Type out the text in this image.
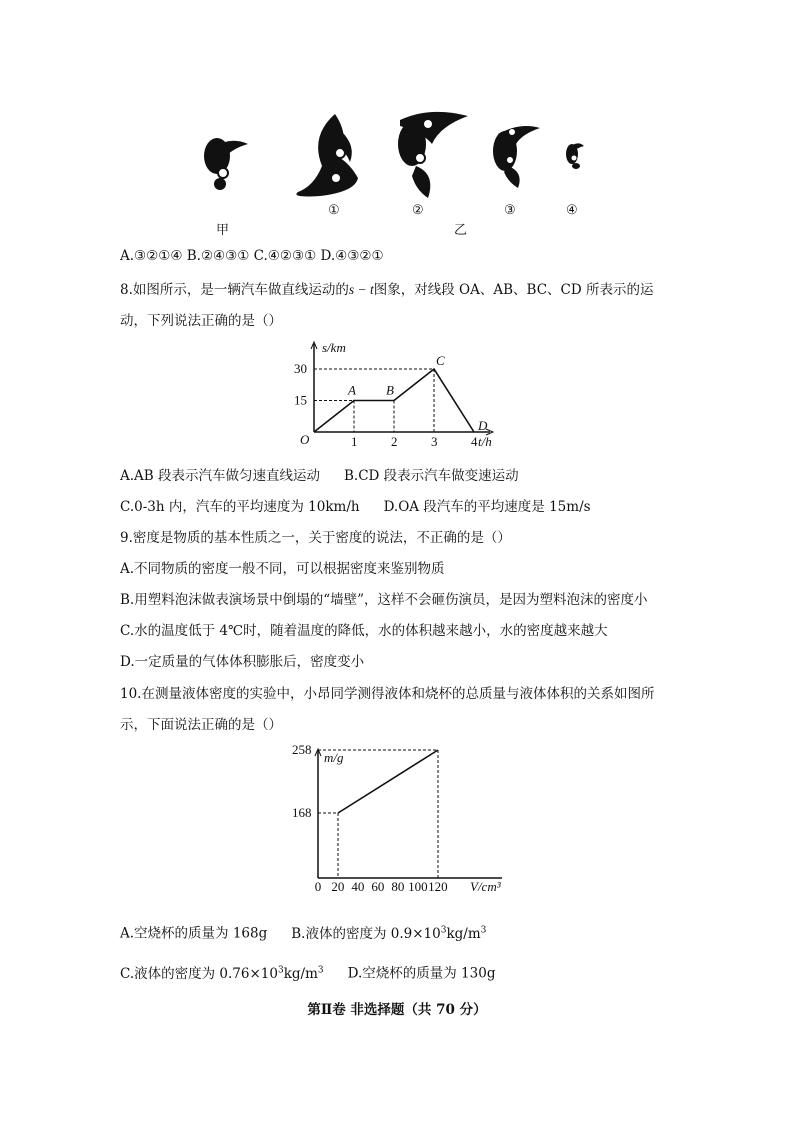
甲
①	②	③	④
乙
A.③②①④ B.②④③① C.④②③① D.④③②①
8.如图所示，是一辆汽车做直线运动的s − t图象，对线段 OA、AB、BC、CD 所表示的运
动，下列说法正确的是（）
s/km
t/h
O
15
30
1	2	3	4
A B
C
D
A.AB 段表示汽车做匀速直线运动 B.CD 段表示汽车做变速运动
C.0-3h 内，汽车的平均速度为 10km/h D.OA 段汽车的平均速度是 15m/s
9.密度是物质的基本性质之一，关于密度的说法，不正确的是（）
A.不同物质的密度一般不同，可以根据密度来鉴别物质
B.用塑料泡沫做表演场景中倒塌的“墙壁”，这样不会砸伤演员，是因为塑料泡沫的密度小
C.水的温度低于 4℃时，随着温度的降低，水的体积越来越小，水的密度越来越大
D.一定质量的气体体积膨胀后，密度变小
10.在测量液体密度的实验中，小昂同学测得液体和烧杯的总质量与液体体积的关系如图所
示，下面说法正确的是（）
m/g
V/cm³
168
258
0 20 40 60 80 100 120
A.空烧杯的质量为 168g B.液体的密度为 $0.9\times 10^3kg/m^3$
C.液体的密度为 $0.76\times 10^3kg/m^3$ D.空烧杯的质量为 130g
第Ⅱ卷 非选择题（共 70 分）
